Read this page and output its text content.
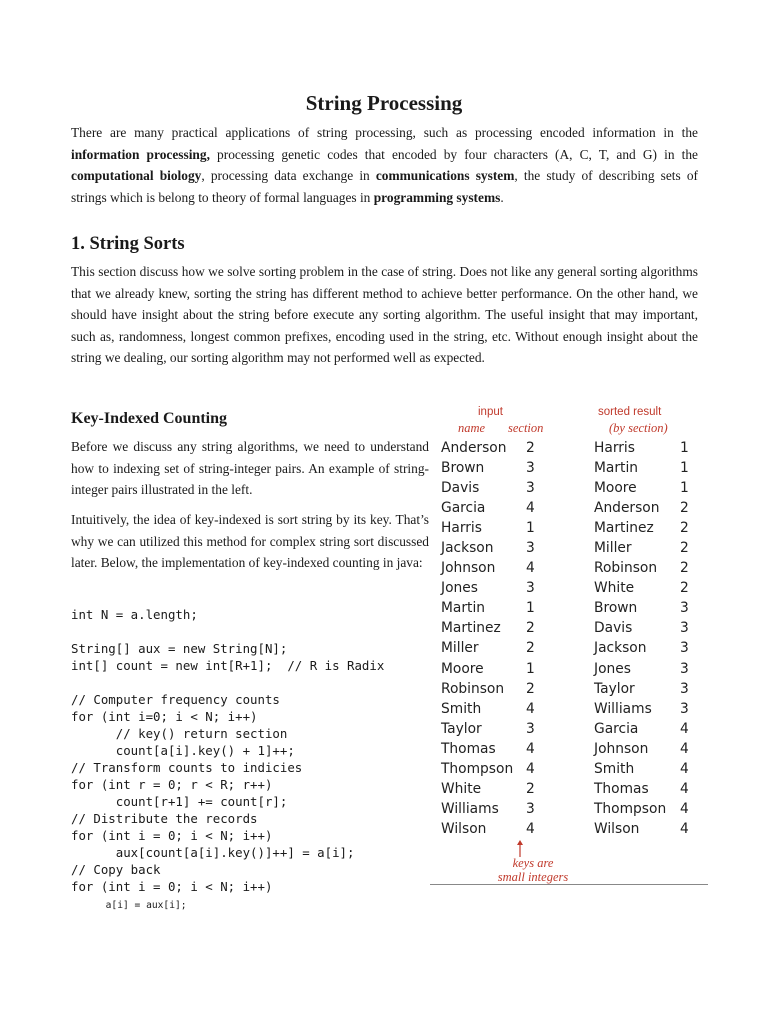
String Processing

There are many practical applications of string processing, such as processing encoded information in the information processing, processing genetic codes that encoded by four characters (A, C, T, and G) in the computational biology, processing data exchange in communications system, the study of describing sets of strings which is belong to theory of formal languages in programming systems.

1. String Sorts

This section discuss how we solve sorting problem in the case of string. Does not like any general sorting algorithms that we already knew, sorting the string has different method to achieve better performance. On the other hand, we should have insight about the string before execute any sorting algorithm. The useful insight that may important, such as, randomness, longest common prefixes, encoding used in the string, etc. Without enough insight about the string we dealing, our sorting algorithm may not performed well as expected.

Key-Indexed Counting

Before we discuss any string algorithms, we need to understand how to indexing set of string-integer pairs. An example of string-integer pairs illustrated in the left.

Intuitively, the idea of key-indexed is sort string by its key. That’s why we can utilized this method for complex string sort discussed later. Below, the implementation of key-indexed counting in java:

int N = a.length;

String[] aux = new String[N];
int[] count = new int[R+1];  // R is Radix

// Computer frequency counts
for (int i=0; i < N; i++)
// key() return section
count[a[i].key() + 1]++;
// Transform counts to indicies
for (int r = 0; r < R; r++)
count[r+1] += count[r];
// Distribute the records
for (int i = 0; i < N; i++)
aux[count[a[i].key()]++] = a[i];
// Copy back
for (int i = 0; i < N; i++)
a[i] = aux[i];
input	sorted result
name section	(by section)
Anderson 2
Brown	3
Davis	3
Garcia	4
Harris	1
Jackson 3
Johnson 4
Jones	3
Martin	1
Martinez 2
Miller	2
Moore	1
Robinson 2
Smith	4
Taylor	3
Thomas 4
Thompson 4
White	2
Williams 3
Wilson	4
Harris	1
Martin	1
Moore	1
Anderson 2
Martinez 2
Miller	2
Robinson 2
White	2
Brown	3
Davis	3
Jackson 3
Jones	3
Taylor	3
Williams 3
Garcia	4
Johnson 4
Smith	4
Thomas 4
Thompson 4
Wilson	4
keys are
small integers
